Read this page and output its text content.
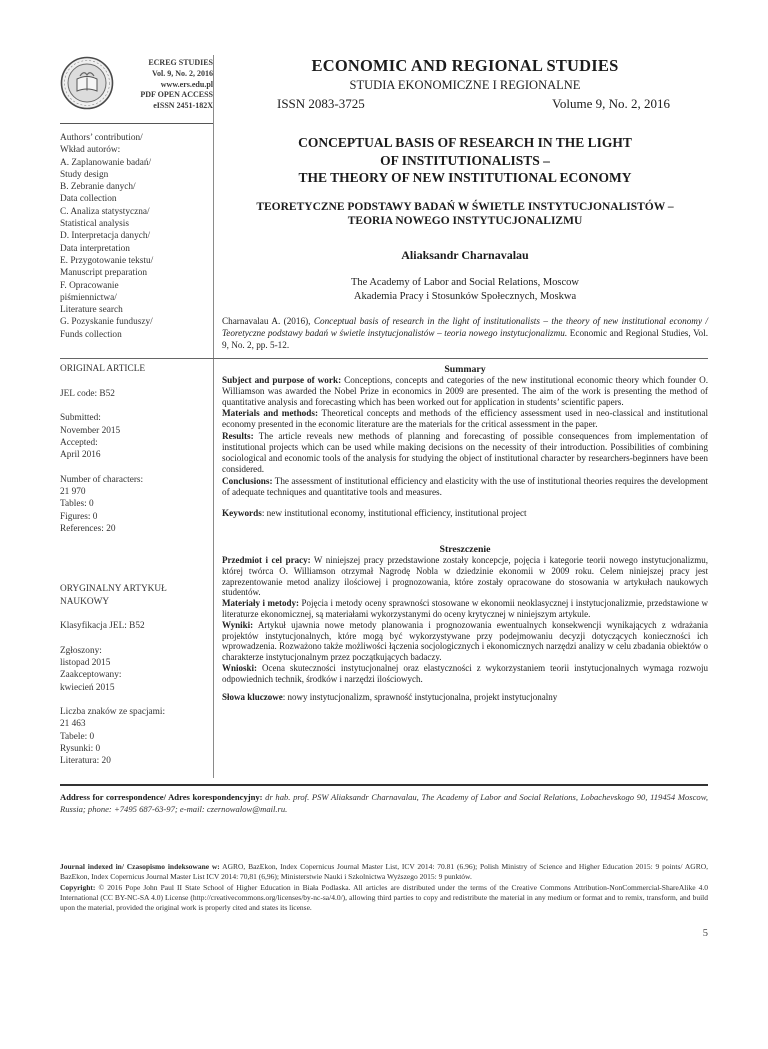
ECREG STUDIES
Vol. 9, No. 2, 2016
www.ers.edu.pl
PDF OPEN ACCESS
eISSN 2451-182X
Authors’ contribution/
Wkład autorów:
A. Zaplanowanie badań/
Study design
B. Zebranie danych/
Data collection
C. Analiza statystyczna/
Statistical analysis
D. Interpretacja danych/
Data interpretation
E. Przygotowanie tekstu/
Manuscript preparation
F. Opracowanie
piśmiennictwa/
Literature search
G. Pozyskanie funduszy/
Funds collection
ORIGINAL ARTICLE
JEL code: B52
Submitted:
November 2015
Accepted:
April 2016
Number of characters:
21 970
Tables: 0
Figures: 0
References: 20
ORYGINALNY ARTYKUŁ
NAUKOWY
Klasyfikacja JEL: B52
Zgłoszony:
listopad 2015
Zaakceptowany:
kwiecień 2015
Liczba znaków ze spacjami:
21 463
Tabele: 0
Rysunki: 0
Literatura: 20
ECONOMIC AND REGIONAL STUDIES
STUDIA EKONOMICZNE I REGIONALNE
ISSN 2083-3725	Volume 9, No. 2, 2016
CONCEPTUAL BASIS OF RESEARCH IN THE LIGHT
OF INSTITUTIONALISTS –
THE THEORY OF NEW INSTITUTIONAL ECONOMY
TEORETYCZNE PODSTAWY BADAŃ W ŚWIETLE INSTYTUCJONALISTÓW –
TEORIA NOWEGO INSTYTUCJONALIZMU
Aliaksandr Charnavalau
The Academy of Labor and Social Relations, Moscow
Akademia Pracy i Stosunków Społecznych, Moskwa
Charnavalau A. (2016), Conceptual basis of research in the light of institutionalists – the theory of new institutional economy / Teoretyczne podstawy badań w świetle instytucjonalistów – teoria nowego instytucjonalizmu. Economic and Regional Studies, Vol. 9, No. 2, pp. 5-12.
Summary

Subject and purpose of work: Conceptions, concepts and categories of the new institutional economic theory which founder O. Williamson was awarded the Nobel Prize in economics in 2009 are presented. The aim of the work is presenting the method of quantitative analysis and forecasting which has been worked out for application in students’ scientific papers.

Materials and methods: Theoretical concepts and methods of the efficiency assessment used in neo-classical and institutional economy presented in the economic literature are the materials for the critical assessment in the paper.

Results: The article reveals new methods of planning and forecasting of possible consequences from implementation of institutional projects which can be used while making decisions on the necessity of their introduction. Possibilities of combining sociological and economic tools of the analysis for studying the object of institutional character by researchers-beginners have been considered.

Conclusions: The assessment of institutional efficiency and elasticity with the use of institutional theories requires the development of adequate techniques and quantitative tools and measures.

Keywords: new institutional economy, institutional efficiency, institutional project
Streszczenie

Przedmiot i cel pracy: W niniejszej pracy przedstawione zostały koncepcje, pojęcia i kategorie teorii nowego instytucjonalizmu, której twórca O. Williamson otrzymał Nagrodę Nobla w dziedzinie ekonomii w 2009 roku. Celem niniejszej pracy jest zaprezentowanie metod analizy ilościowej i prognozowania, które zostały opracowane do stosowania w artykułach naukowych studentów.

Materiały i metody: Pojęcia i metody oceny sprawności stosowane w ekonomii neoklasycznej i instytucjonalizmie, przedstawione w literaturze ekonomicznej, są materiałami wykorzystanymi do oceny krytycznej w niniejszym artykule.

Wyniki: Artykuł ujawnia nowe metody planowania i prognozowania ewentualnych konsekwencji wynikających z wdrażania projektów instytucjonalnych, które mogą być wykorzystywane przy podejmowaniu decyzji dotyczących konieczności ich wprowadzenia. Rozważono także możliwości łączenia socjologicznych i ekonomicznych narzędzi analizy w celu zbadania obiektów o charakterze instytucjonalnym przez początkujących badaczy.

Wnioski: Ocena skuteczności instytucjonalnej oraz elastyczności z wykorzystaniem teorii instytucjonalnych wymaga rozwoju odpowiednich technik, środków i narzędzi ilościowych.

Słowa kluczowe: nowy instytucjonalizm, sprawność instytucjonalna, projekt instytucjonalny
Address for correspondence/ Adres korespondencyjny: dr hab. prof. PSW Aliaksandr Charnavalau, The Academy of Labor and Social Relations, Lobachevskogo 90, 119454 Moscow, Russia; phone: +7495 687-63-97; e-mail: czernowalow@mail.ru.

Journal indexed in/ Czasopismo indeksowane w: AGRO, BazEkon, Index Copernicus Journal Master List, ICV 2014: 70.81 (6.96); Polish Ministry of Science and Higher Education 2015: 9 points/ AGRO, BazEkon, Index Copernicus Journal Master List ICV 2014: 70,81 (6,96); Ministerstwie Nauki i Szkolnictwa Wyższego 2015: 9 punktów.

Copyright: © 2016 Pope John Paul II State School of Higher Education in Biała Podlaska. All articles are distributed under the terms of the Creative Commons Attribution-NonCommercial-ShareAlike 4.0 International (CC BY-NC-SA 4.0) License (http://creativecommons.org/licenses/by-nc-sa/4.0/), allowing third parties to copy and redistribute the material in any medium or format and to remix, transform, and build upon the material, provided the original work is properly cited and states its license.

5
